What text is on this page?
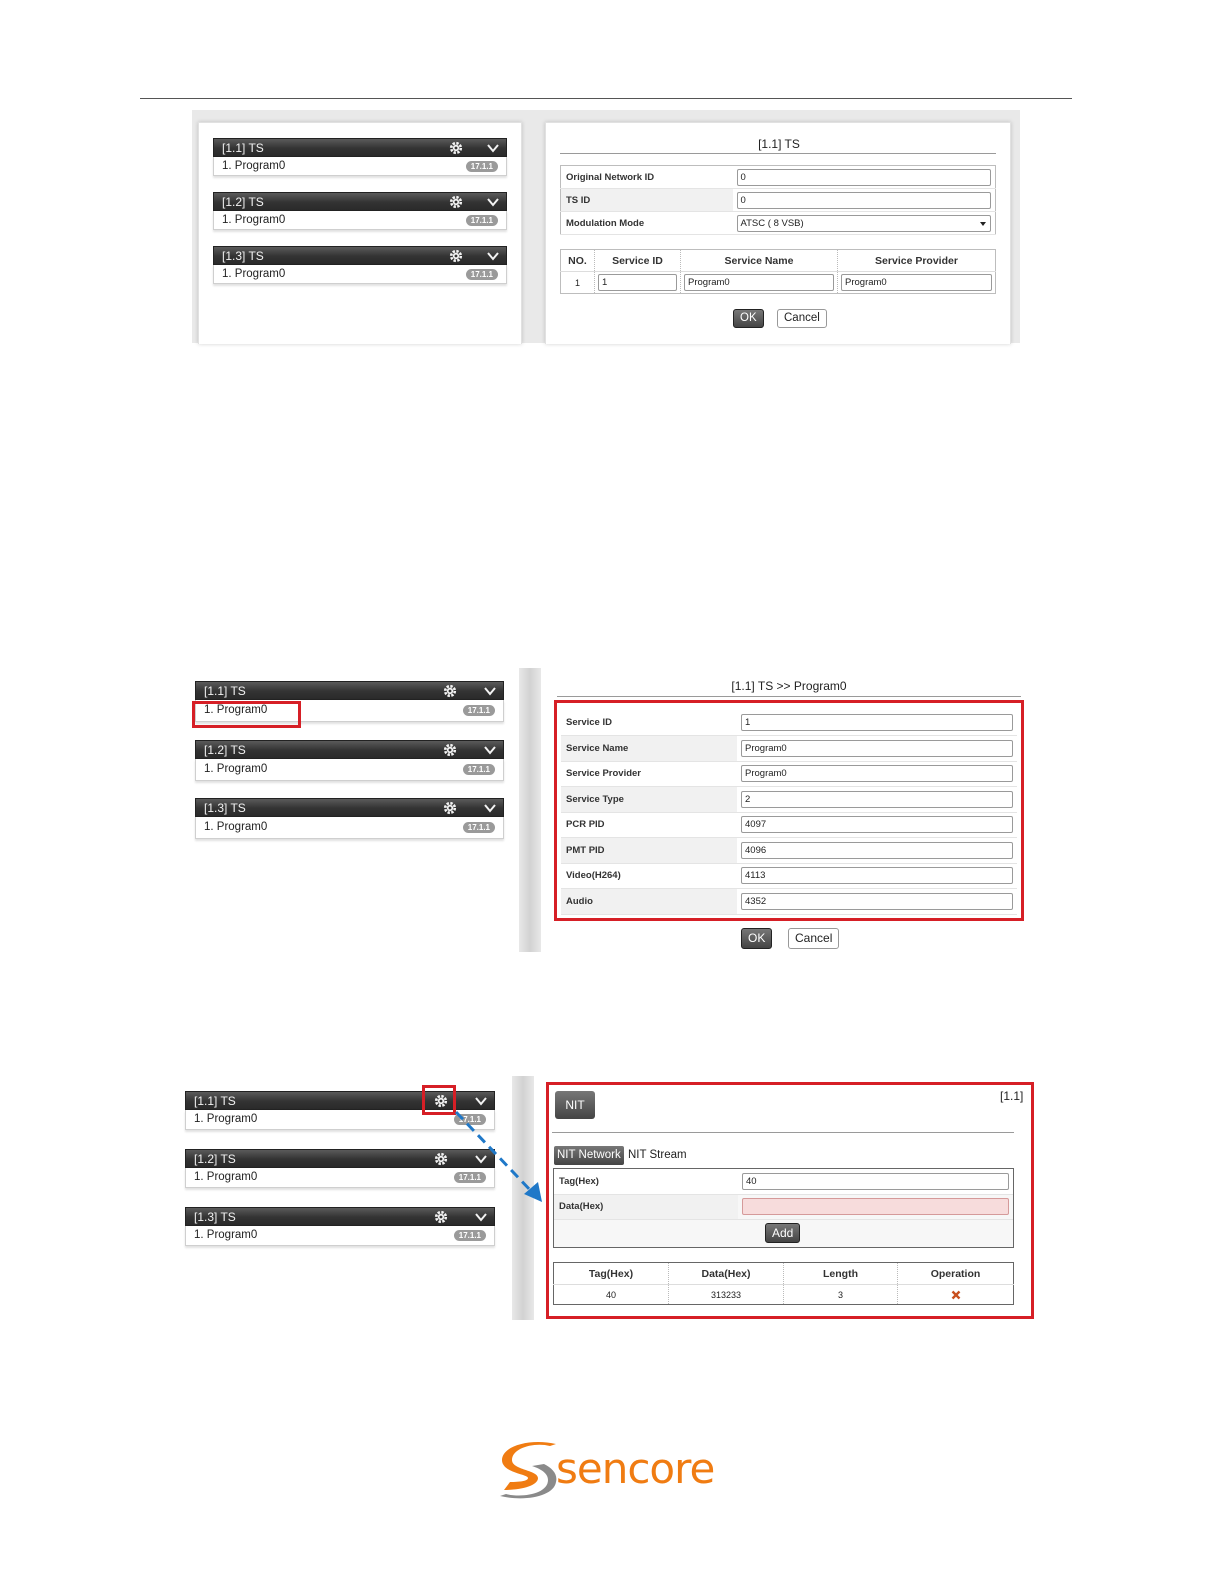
[1.1] TS
1. Program0	17.1.1
[1.2] TS
1. Program0	17.1.1
[1.3] TS
1. Program0	17.1.1
[1.1] TS
Original Network ID	0

TS ID	0

Modulation Mode	ATSC ( 8 VSB)
NO.	Service ID	Service Name	Service Provider
1	1	Program0	Program0
OK	Cancel
[1.1] TS
1. Program0	17.1.1
[1.2] TS
1. Program0	17.1.1
[1.3] TS
1. Program0	17.1.1
[1.1] TS >> Program0
Service ID	1

Service Name	Program0

Service Provider	Program0

Service Type	2

PCR PID	4097

PMT PID	4096

Video(H264)	4113

Audio	4352
OK	Cancel
[1.1] TS
1. Program0	17.1.1
[1.2] TS
1. Program0	17.1.1
[1.3] TS
1. Program0	17.1.1
NIT
[1.1]
NIT Network NIT Stream
Tag(Hex)	40

Data(Hex)	
Add
Tag(Hex)	Data(Hex)	Length	Operation
40	313233	3	
sencore
